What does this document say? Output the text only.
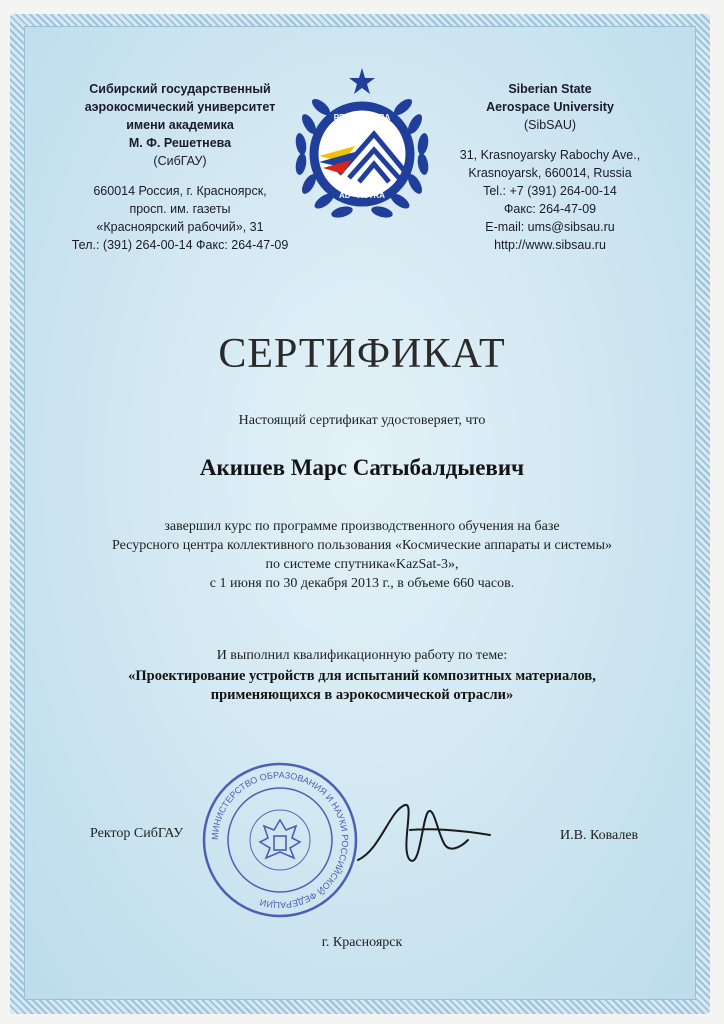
Сибирский государственный
аэрокосмический университет
имени академика
М. Ф. Решетнева
(СибГАУ)
660014 Россия, г. Красноярск,
просп. им. газеты
«Красноярский рабочий», 31
Тел.: (391) 264-00-14 Факс: 264-47-09
PER · ASPERA
AD · ASTRA
Siberian State
Aerospace University
(SibSAU)
31, Krasnoyarsky Rabochy Ave.,
Krasnoyarsk, 660014, Russia
Tel.: +7 (391) 264-00-14
Факс: 264-47-09
E-mail: ums@sibsau.ru
http://www.sibsau.ru
СЕРТИФИКАТ
Настоящий сертификат удостоверяет, что
Акишев Марс Сатыбалдыевич
завершил курс по программе производственного обучения на базе
Ресурсного центра коллективного пользования «Космические аппараты и системы»
по системе спутника«KazSat-3»,
с 1 июня по 30 декабря 2013 г., в объеме 660 часов.
И выполнил квалификационную работу по теме:
«Проектирование устройств для испытаний композитных материалов,
применяющихся в аэрокосмической отрасли»
Ректор СибГАУ	МИНИСТЕРСТВО ОБРАЗОВАНИЯ И НАУКИ РОССИЙСКОЙ ФЕДЕРАЦИИ
И.В. Ковалев
г. Красноярск
